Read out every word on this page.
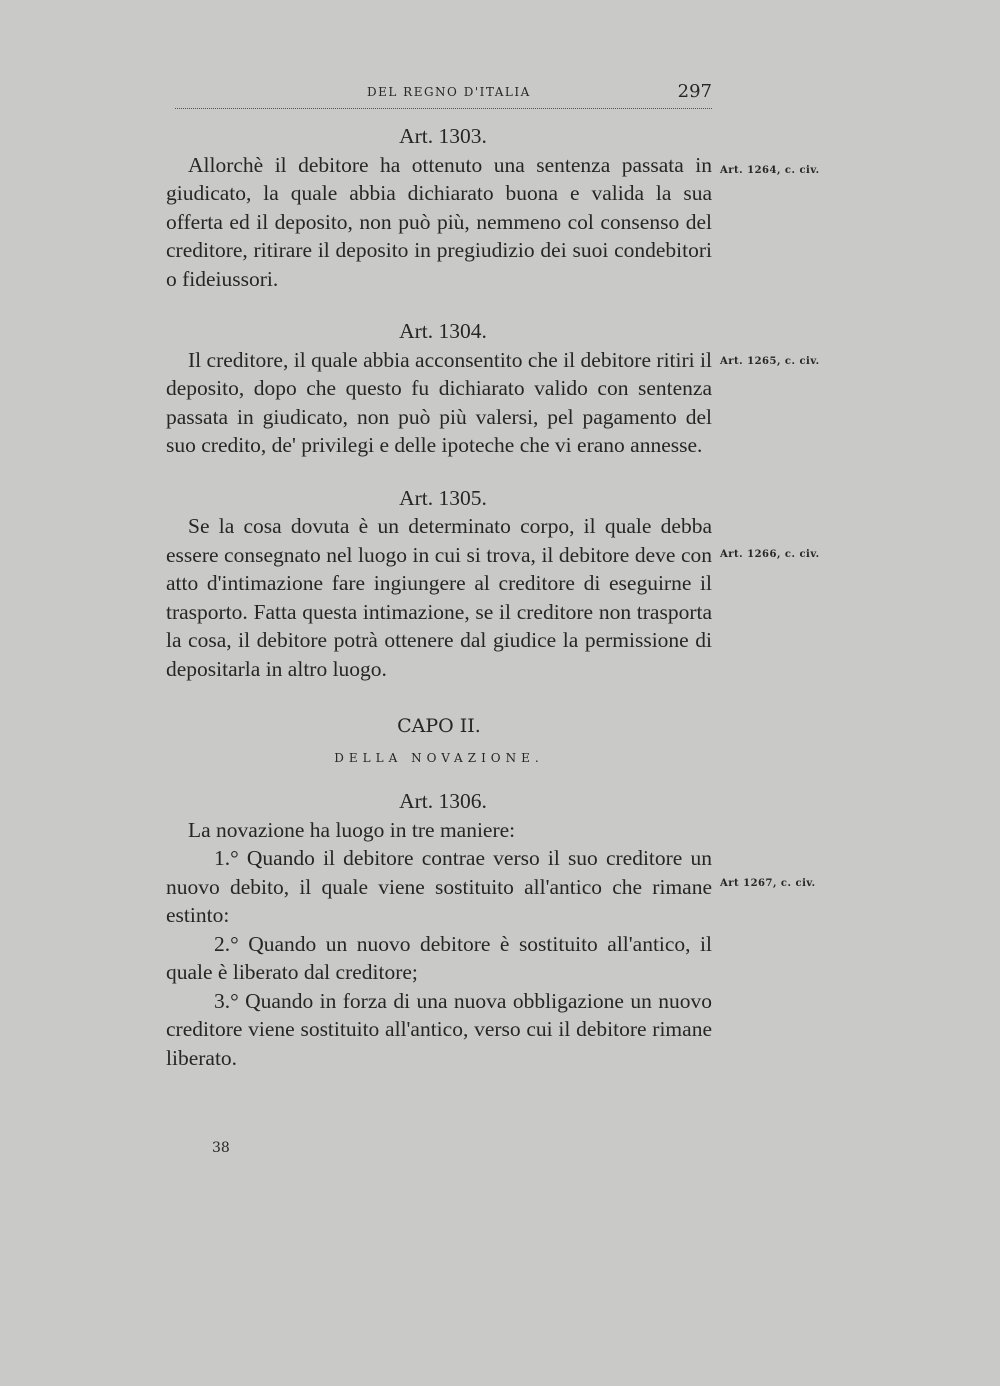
DEL REGNO D'ITALIA	297
Art. 1264, c. civ.
Art. 1265, c. civ.
Art. 1266, c. civ.
Art 1267, c. civ.
Art. 1303.

Allorchè il debitore ha ottenuto una sentenza passata in giudicato, la quale abbia dichiarato buona e valida la sua offerta ed il deposito, non può più, nemmeno col consenso del creditore, ritirare il deposito in pregiudizio dei suoi condebitori o fideiussori.

Art. 1304.

Il creditore, il quale abbia acconsentito che il debitore ritiri il deposito, dopo che questo fu dichiarato valido con sentenza passata in giudicato, non può più valersi, pel pagamento del suo credito, de' privilegi e delle ipoteche che vi erano annesse.

Art. 1305.

Se la cosa dovuta è un determinato corpo, il quale debba essere consegnato nel luogo in cui si trova, il debitore deve con atto d'intimazione fare ingiungere al creditore di eseguirne il trasporto. Fatta questa intimazione, se il creditore non trasporta la cosa, il debitore potrà ottenere dal giudice la permissione di depositarla in altro luogo.

CAPO II.

DELLA NOVAZIONE.

Art. 1306.

La novazione ha luogo in tre maniere:

1.° Quando il debitore contrae verso il suo creditore un nuovo debito, il quale viene sostituito all'antico che rimane estinto:

2.° Quando un nuovo debitore è sostituito all'antico, il quale è liberato dal creditore;

3.° Quando in forza di una nuova obbligazione un nuovo creditore viene sostituito all'antico, verso cui il debitore rimane liberato.

38
